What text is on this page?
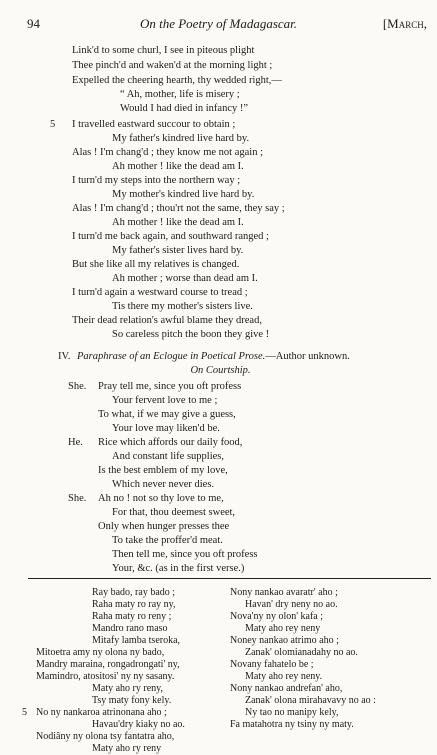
94	On the Poetry of Madagascar.	[March,
Link'd to some churl, I see in piteous plight
Thee pinch'd and waken'd at the morning light ;
Expelled the cheering hearth, thy wedded right,—
“ Ah, mother, life is misery ;
Would I had died in infancy !”
5 I travelled eastward succour to obtain ;
My father's kindred live hard by.
Alas ! I'm chang'd ; they know me not again ;
Ah mother ! like the dead am I.
I turn'd my steps into the northern way ;
My mother's kindred live hard by.
Alas ! I'm chang'd ; thou'rt not the same, they say ;
Ah mother ! like the dead am I.
I turn'd me back again, and southward ranged ;
My father's sister lives hard by.
But she like all my relatives is changed.
Ah mother ; worse than dead am I.
I turn'd again a westward course to tread ;
Tis there my mother's sisters live.
Their dead relation's awful blame they dread,
So careless pitch the boon they give !
IV. Paraphrase of an Eclogue in Poetical Prose.—Author unknown.
On Courtship.
She. Pray tell me, since you oft profess
Your fervent love to me ;
To what, if we may give a guess,
Your love may liken'd be.
He. Rice which affords our daily food,
And constant life supplies,
Is the best emblem of my love,
Which never never dies.
She. Ah no ! not so thy love to me,
For that, thou deemest sweet,
Only when hunger presses thee
To take the proffer'd meat.
Then tell me, since you oft profess
Your, &c. (as in the first verse.)
Ray bado, ray bado ;
Raha maty ro ray ny,
Raha maty ro reny ;
Mandro rano maso
Mitafy lamba tseroka,
Mitoetra amy ny olona ny bado,
Mandry maraina, rongadrongati' ny,
Mamindro, atositosi' ny ny sasany.
Maty aho ry reny,
Tsy maty fony kely.
5 No ny nankaroa atrinonana aho ;
Havau'dry kiaky no ao.
Nodiâny ny olona tsy fantatra aho,
Maty aho ry reny
Nony nankao avaratr' aho ;
Havan' dry neny no ao.
Nova'ny ny olon' kafa ;
Maty aho rey neny
Noney nankao atrimo aho ;
Zanak' olomianadahy no ao.
Novany fahatelo be ;
Maty aho rey neny.
Nony nankao andrefan' aho,
Zanak' olona mirahavavy no ao :
Ny tao no manipy kely,
Fa matahotra ny tsiny ny maty.
